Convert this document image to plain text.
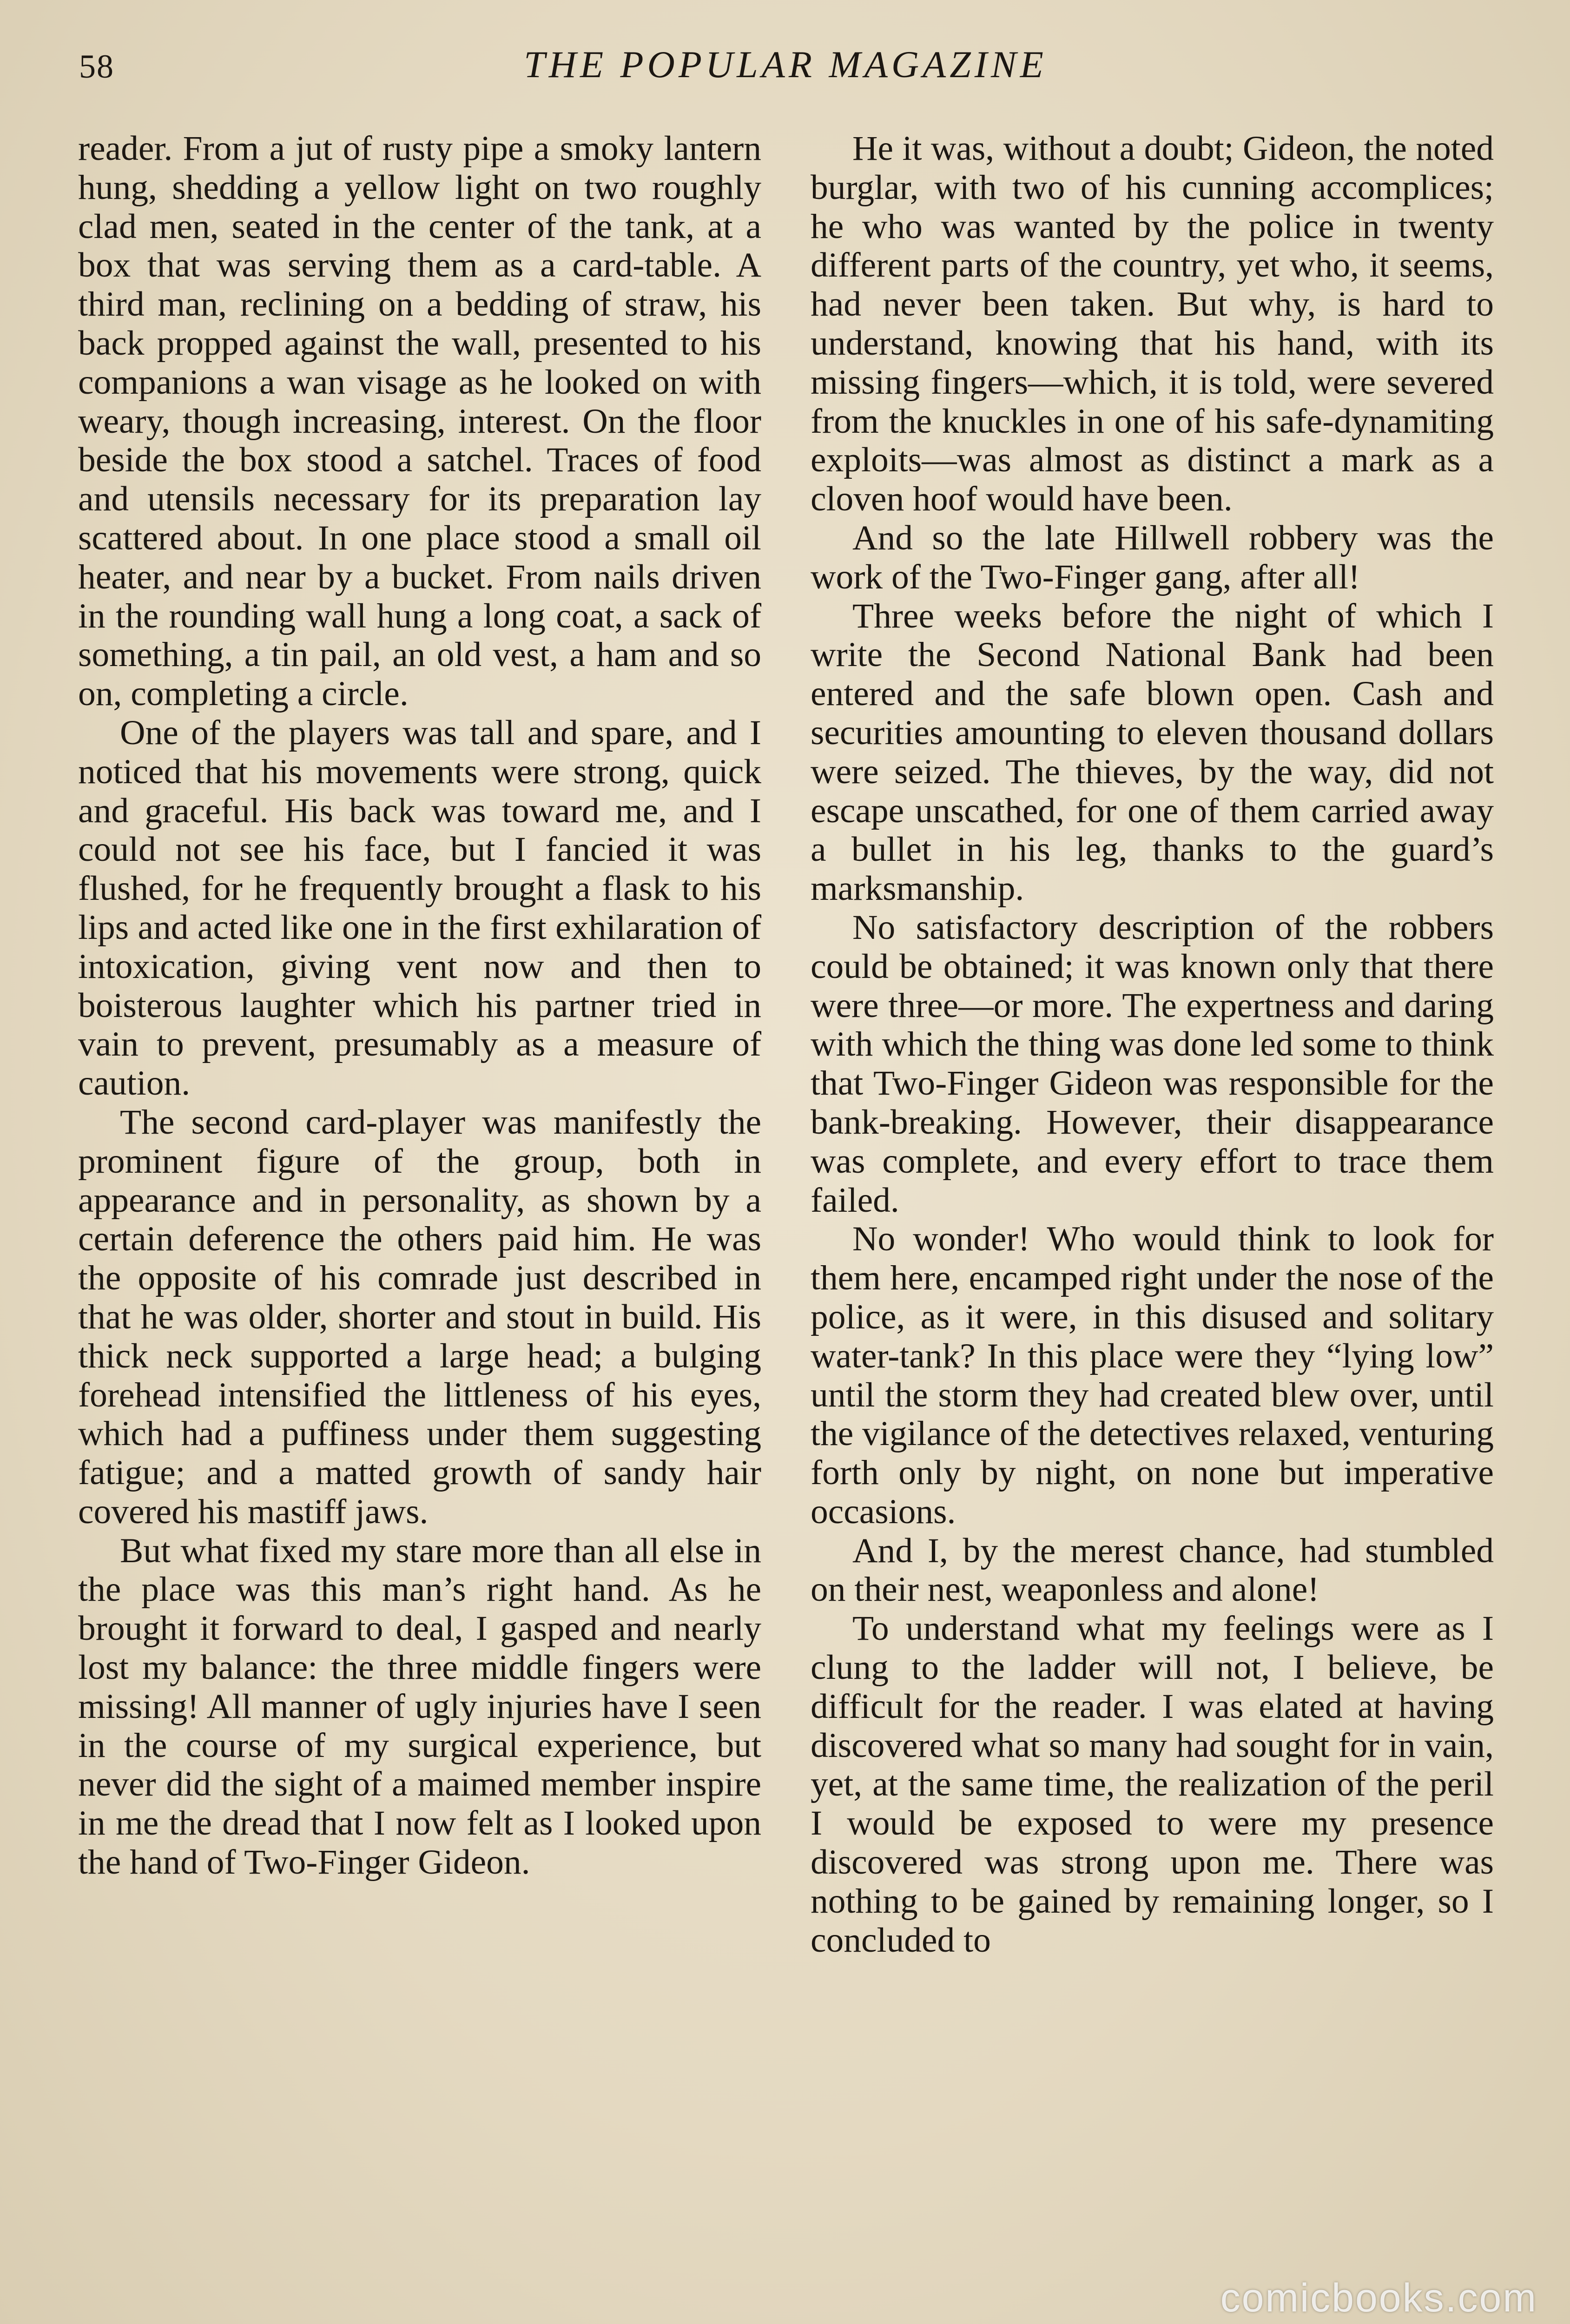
58	THE POPULAR MAGAZINE

reader. From a jut of rusty pipe a smoky lantern hung, shedding a yellow light on two roughly clad men, seated in the center of the tank, at a box that was serving them as a card-table. A third man, reclining on a bedding of straw, his back propped against the wall, presented to his companions a wan visage as he looked on with weary, though increasing, interest. On the floor beside the box stood a satchel. Traces of food and utensils necessary for its preparation lay scattered about. In one place stood a small oil heater, and near by a bucket. From nails driven in the rounding wall hung a long coat, a sack of something, a tin pail, an old vest, a ham and so on, completing a circle.

One of the players was tall and spare, and I noticed that his movements were strong, quick and graceful. His back was toward me, and I could not see his face, but I fancied it was flushed, for he frequently brought a flask to his lips and acted like one in the first exhilaration of intoxication, giving vent now and then to boisterous laughter which his partner tried in vain to prevent, presumably as a measure of caution.

The second card-player was manifestly the prominent figure of the group, both in appearance and in personality, as shown by a certain deference the others paid him. He was the opposite of his comrade just described in that he was older, shorter and stout in build. His thick neck supported a large head; a bulging forehead intensified the littleness of his eyes, which had a puffiness under them suggesting fatigue; and a matted growth of sandy hair covered his mastiff jaws.

But what fixed my stare more than all else in the place was this man’s right hand. As he brought it forward to deal, I gasped and nearly lost my balance: the three middle fingers were missing! All manner of ugly injuries have I seen in the course of my surgical experience, but never did the sight of a maimed member inspire in me the dread that I now felt as I looked upon the hand of Two-Finger Gideon.

He it was, without a doubt; Gideon, the noted burglar, with two of his cunning accomplices; he who was wanted by the police in twenty different parts of the country, yet who, it seems, had never been taken. But why, is hard to understand, knowing that his hand, with its missing fingers—which, it is told, were severed from the knuckles in one of his safe-dynamiting exploits—was almost as distinct a mark as a cloven hoof would have been.

And so the late Hillwell robbery was the work of the Two-Finger gang, after all!

Three weeks before the night of which I write the Second National Bank had been entered and the safe blown open. Cash and securities amounting to eleven thousand dollars were seized. The thieves, by the way, did not escape unscathed, for one of them carried away a bullet in his leg, thanks to the guard’s marksmanship.

No satisfactory description of the robbers could be obtained; it was known only that there were three—or more. The expertness and daring with which the thing was done led some to think that Two-Finger Gideon was responsible for the bank-breaking. However, their disappearance was complete, and every effort to trace them failed.

No wonder! Who would think to look for them here, encamped right under the nose of the police, as it were, in this disused and solitary water-tank? In this place were they “lying low” until the storm they had created blew over, until the vigilance of the detectives relaxed, venturing forth only by night, on none but imperative occasions.

And I, by the merest chance, had stumbled on their nest, weaponless and alone!

To understand what my feelings were as I clung to the ladder will not, I believe, be difficult for the reader. I was elated at having discovered what so many had sought for in vain, yet, at the same time, the realization of the peril I would be exposed to were my presence discovered was strong upon me. There was nothing to be gained by remaining longer, so I concluded to

comicbooks.com
